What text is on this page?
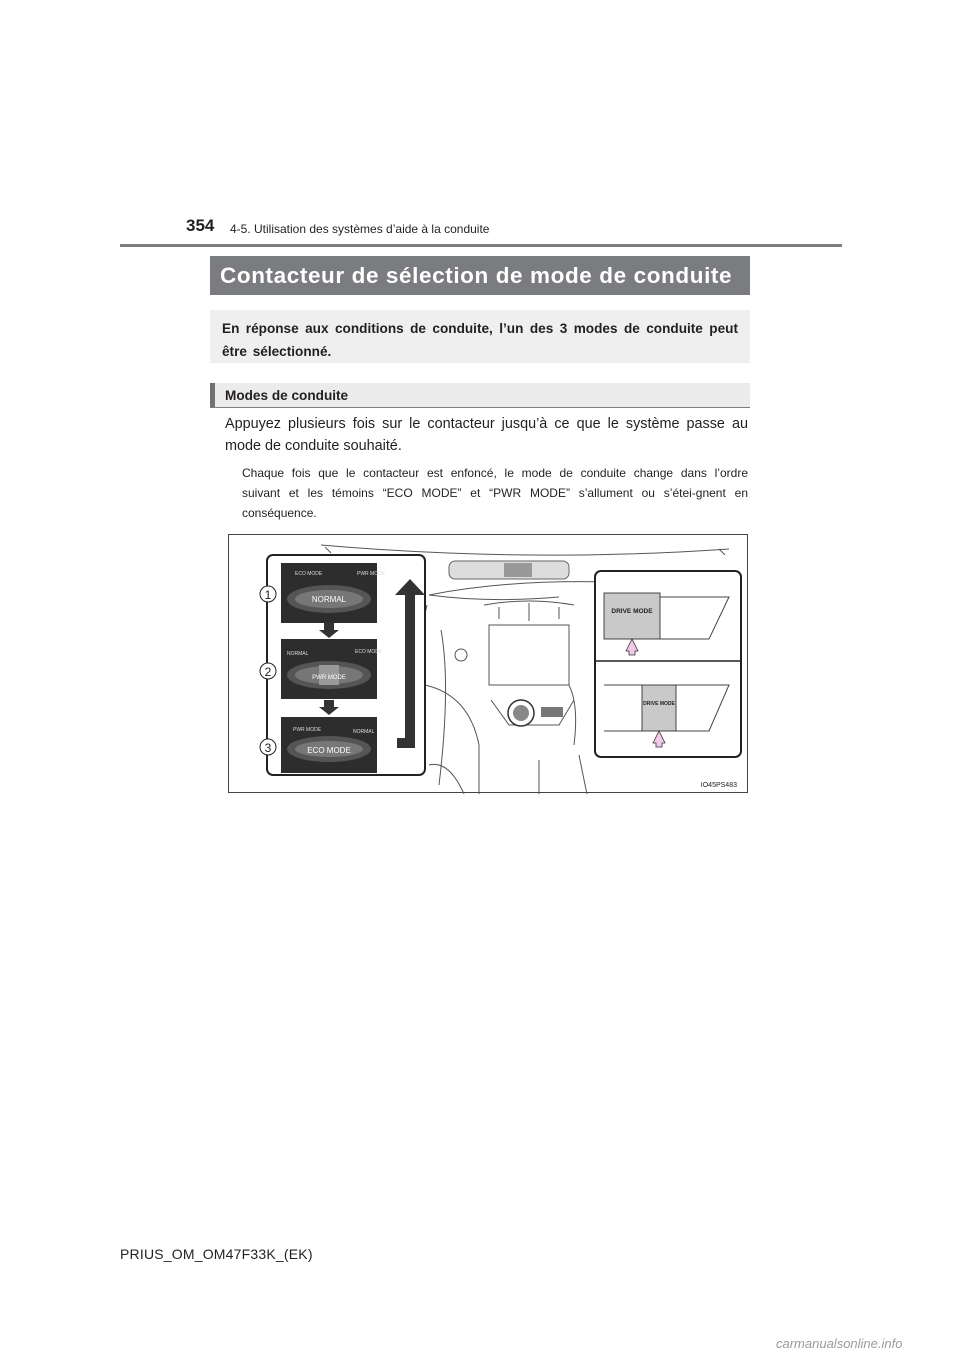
354 4-5. Utilisation des systèmes d’aide à la conduite
Contacteur de sélection de mode de conduite
En réponse aux conditions de conduite, l’un des 3 modes de conduite peut être sélectionné.
Modes de conduite
Appuyez plusieurs fois sur le contacteur jusqu’à ce que le système passe au mode de conduite souhaité.
Chaque fois que le contacteur est enfoncé, le mode de conduite change dans l’ordre suivant et les témoins “ECO MODE” et “PWR MODE” s’allument ou s’étei-gnent en conséquence.
1
2
3
ECO MODE	PWR MODE
NORMAL
NORMAL	ECO MODE
PWR MODE
PWR MODE	NORMAL
ECO MODE
DRIVE MODE
DRIVE MODE
IO45PS483
PRIUS_OM_OM47F33K_(EK)
carmanualsonline.info
